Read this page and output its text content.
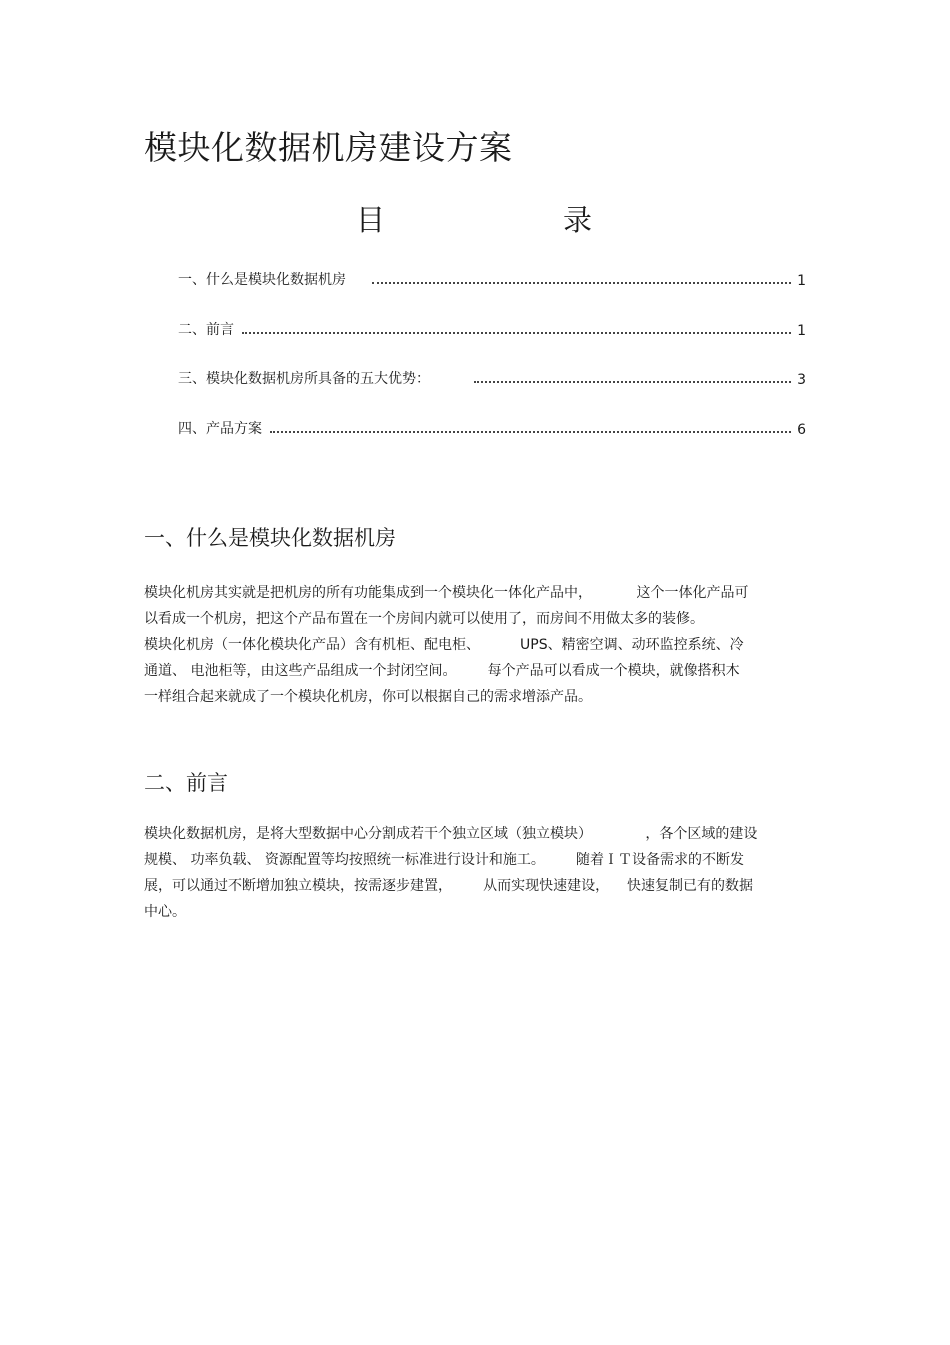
模块化数据机房建设方案
目	录
一、什么是模块化数据机房	1
二、前言	1
三、模块化数据机房所具备的五大优势：	3
四、产品方案	6
一、什么是模块化数据机房
模块化机房其实就是把机房的所有功能集成到一个模块化一体化产品中，          这个一体化产品可
以看成一个机房，把这个产品布置在一个房间内就可以使用了，而房间不用做太多的装修。
模块化机房（一体化模块化产品）含有机柜、配电柜、         UPS、精密空调、动环监控系统、冷
通道、 电池柜等，由这些产品组成一个封闭空间。       每个产品可以看成一个模块，就像搭积木
一样组合起来就成了一个模块化机房，你可以根据自己的需求增添产品。
二、前言
模块化数据机房，是将大型数据中心分割成若干个独立区域（独立模块）            ，各个区域的建设
规模、 功率负载、 资源配置等均按照统一标准进行设计和施工。       随着ＩＴ设备需求的不断发
展，可以通过不断增加独立模块，按需逐步建置，       从而实现快速建设，    快速复制已有的数据
中心。
